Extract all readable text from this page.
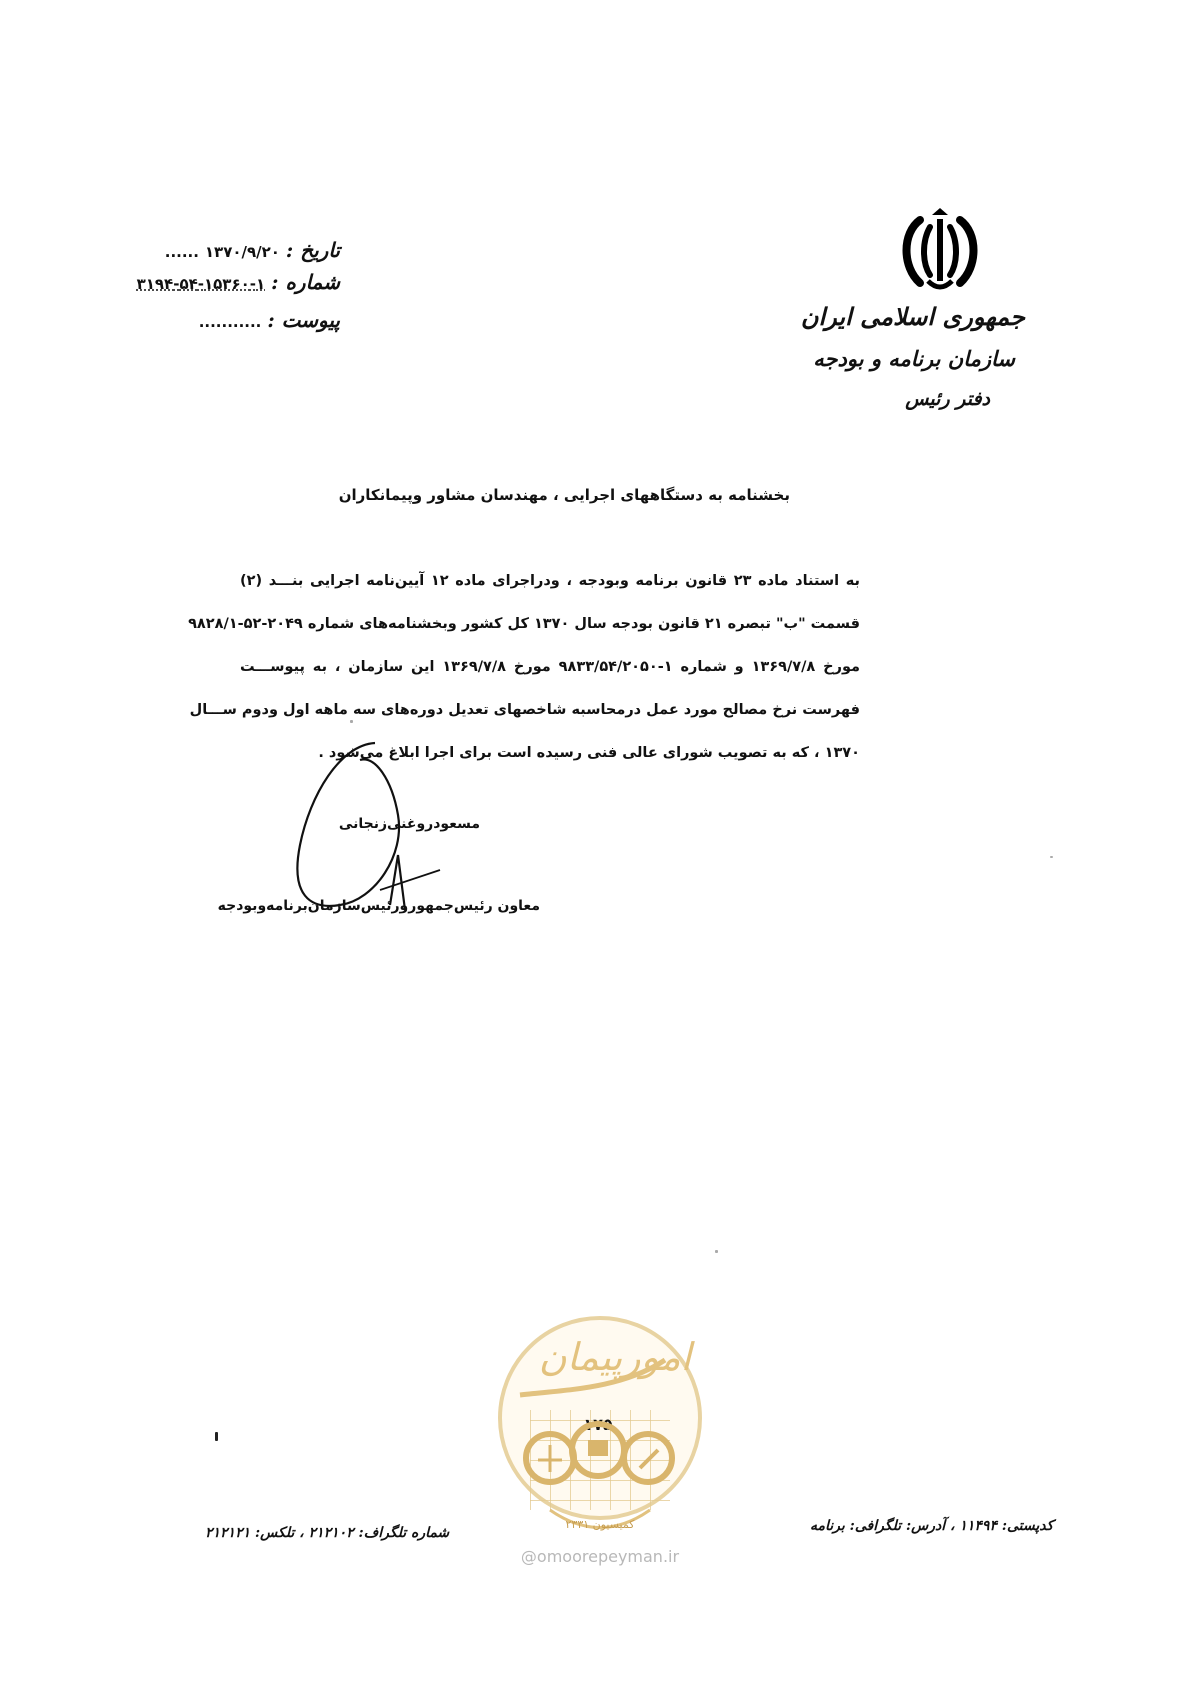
تاریخ : ۱۳۷۰/۹/۲۰ ......
شماره : ۱-۱۵۳۶۰-۵۴-۳۱۹۴
پیوست : ...........	جمهوری اسلامی ایران
سازمان برنامه و بودجه
دفتر رئیس
بخشنامه به دستگاههای اجرایی ، مهندسان مشاور وپیمانکاران
به استناد ماده ۲۳ قانون برنامه وبودجه ، ودراجرای ماده ۱۲ آیین‌نامه اجرایی بنـــد (۲)
قسمت "ب" تبصره ۲۱ قانون بودجه سال ۱۳۷۰ کل کشور وبخشنامه‌های شماره ۲۰۴۹-۵۲-۹۸۲۸/۱
مورخ ۱۳۶۹/۷/۸ و شماره ۱-۹۸۳۳/۵۴/۲۰۵۰ مورخ ۱۳۶۹/۷/۸ این سازمان ، به پیوســـت
فهرست نرخ مصالح مورد عمل درمحاسبه شاخصهای تعدیل دوره‌های سه ماهه اول ودوم ســـال
۱۳۷۰ ، که به تصویب شورای عالی فنی رسیده است برای اجرا ابلاغ می‌شود .
مسعودروغنی‌زنجانی
معاون رئیس‌جمهورورئیس‌سازمان‌برنامه‌وبودجه
امورپیمان
۱۷۵
کمیسیون ۲۳۳۱
@omoorepeyman.ir
شماره تلگراف: ۲۱۲۱۰۲ ، تلکس: ۲۱۲۱۲۱	کدپستی: ۱۱۴۹۴ ، آدرس: تلگرافی: برنامه
